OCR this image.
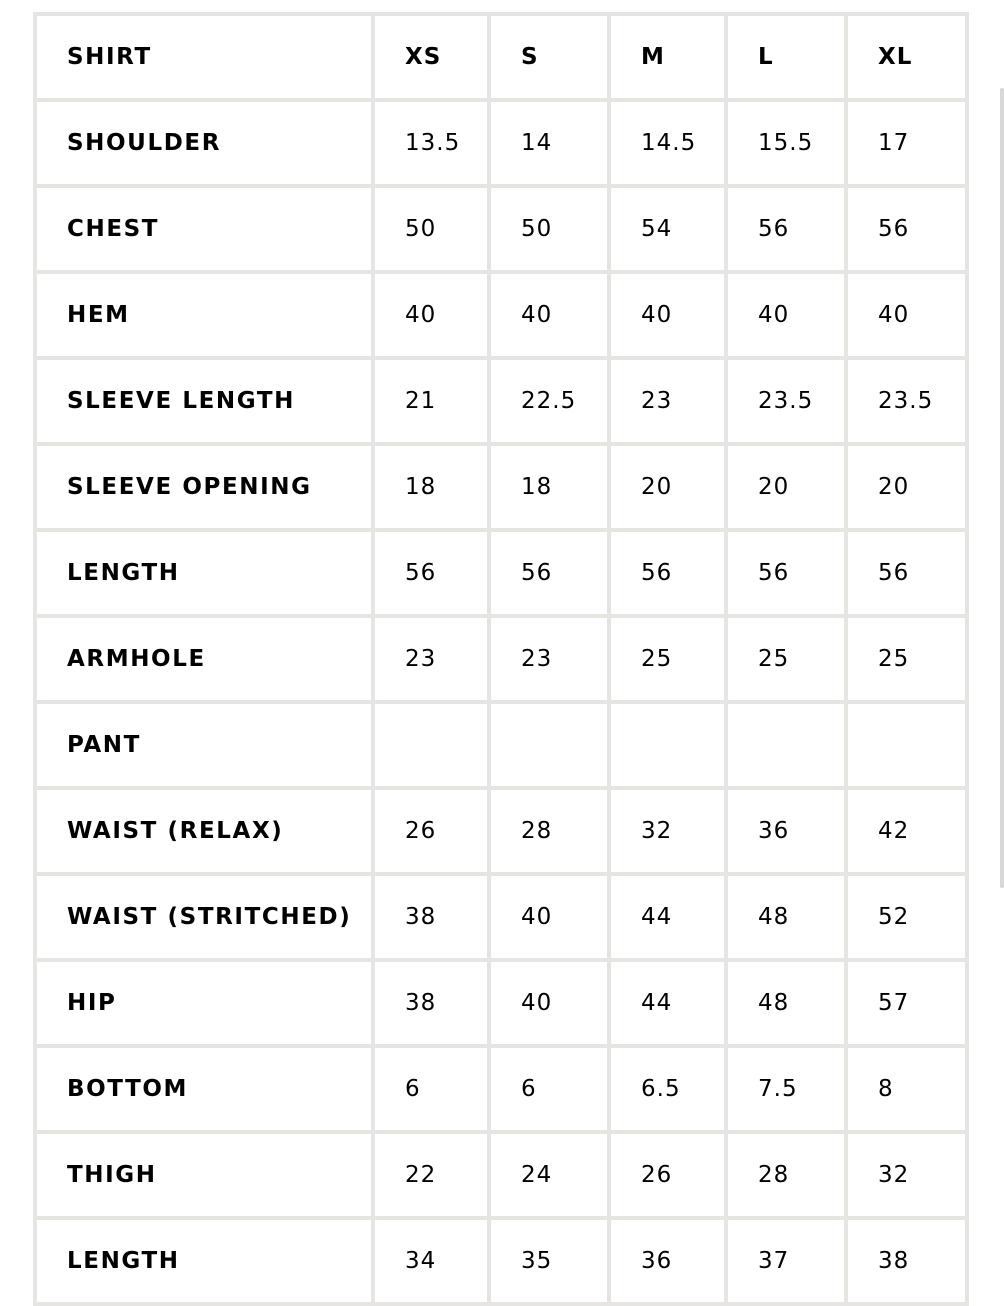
SHIRT	XS	S	M	L	XL
SHOULDER	13.5	14	14.5	15.5	17
CHEST	50	50	54	56	56
HEM	40	40	40	40	40
SLEEVE LENGTH	21	22.5	23	23.5	23.5
SLEEVE OPENING	18	18	20	20	20
LENGTH	56	56	56	56	56
ARMHOLE	23	23	25	25	25
PANT					
WAIST (RELAX)	26	28	32	36	42
WAIST (STRITCHED)	38	40	44	48	52
HIP	38	40	44	48	57
BOTTOM	6	6	6.5	7.5	8
THIGH	22	24	26	28	32
LENGTH	34	35	36	37	38
